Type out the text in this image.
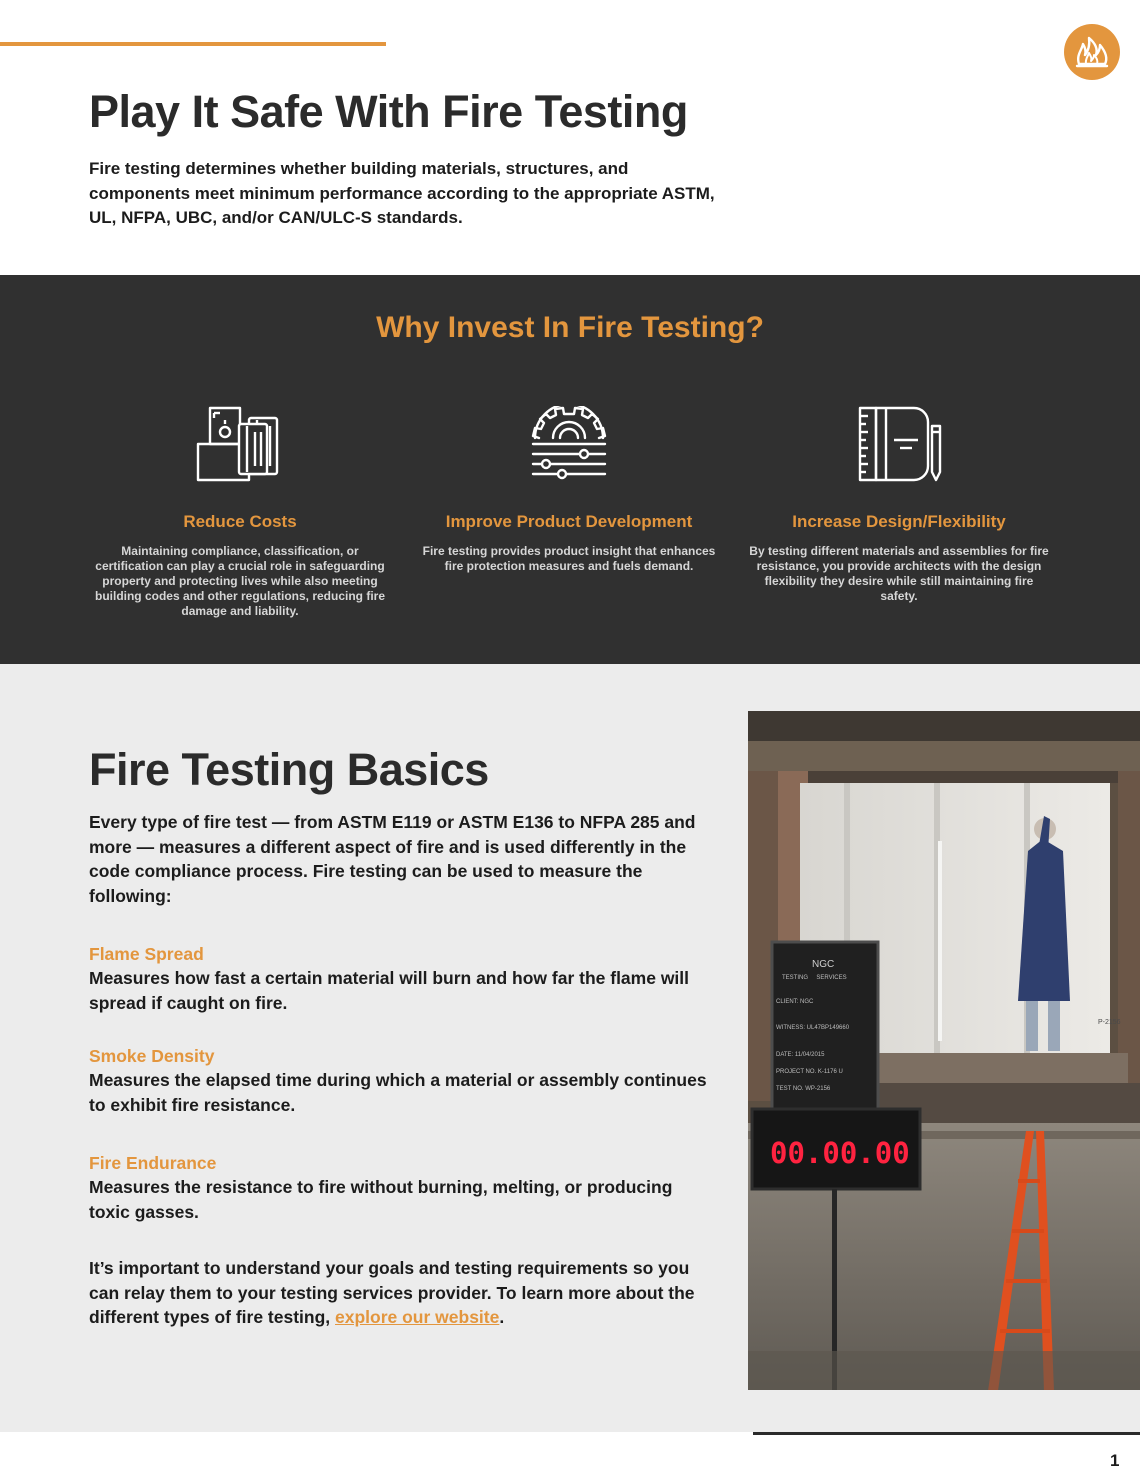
Play It Safe With Fire Testing

Fire testing determines whether building materials, structures, and components meet minimum performance according to the appropriate ASTM, UL, NFPA, UBC, and/or CAN/ULC-S standards.

Why Invest In Fire Testing?
Reduce Costs

Maintaining compliance, classification, or certification can play a crucial role in safeguarding property and protecting lives while also meeting building codes and other regulations, reducing fire damage and liability.

Improve Product Development

Fire testing provides product insight that enhances fire protection measures and fuels demand.

Increase Design/Flexibility

By testing different materials and assemblies for fire resistance, you provide architects with the design flexibility they desire while still maintaining fire safety.

Fire Testing Basics

Every type of fire test — from ASTM E119 or ASTM E136 to NFPA 285 and more — measures a different aspect of fire and is used differently in the code compliance process. Fire testing can be used to measure the following:

Flame Spread
Measures how fast a certain material will burn and how far the flame will spread if caught on fire.
Smoke Density
Measures the elapsed time during which a material or assembly continues to exhibit fire resistance.
Fire Endurance
Measures the resistance to fire without burning, melting, or producing toxic gasses.

It’s important to understand your goals and testing requirements so you can relay them to your testing services provider. To learn more about the different types of fire testing, explore our website.

NGC
TESTING     SERVICES
CLIENT: NGC
WITNESS: UL47BP149660
DATE: 11/04/2015
PROJECT NO. K-1176 U
TEST NO. WP-2156
P-2156
00.00.00
1
